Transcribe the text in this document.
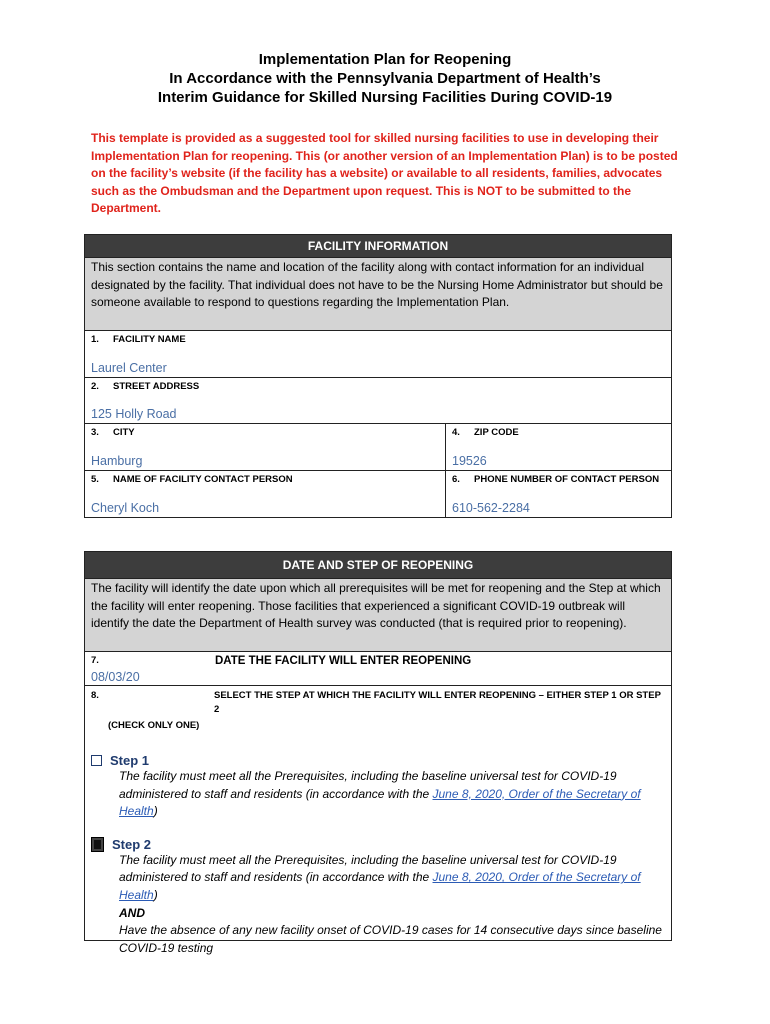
Implementation Plan for Reopening
In Accordance with the Pennsylvania Department of Health’s
Interim Guidance for Skilled Nursing Facilities During COVID-19
This template is provided as a suggested tool for skilled nursing facilities to use in developing their Implementation Plan for reopening. This (or another version of an Implementation Plan) is to be posted on the facility’s website (if the facility has a website) or available to all residents, families, advocates such as the Ombudsman and the Department upon request. This is NOT to be submitted to the Department.
FACILITY INFORMATION
This section contains the name and location of the facility along with contact information for an individual designated by the facility. That individual does not have to be the Nursing Home Administrator but should be someone available to respond to questions regarding the Implementation Plan.
1.	FACILITY NAME
Laurel Center
2.	STREET ADDRESS
125 Holly Road
3.	CITY
Hamburg
4.	ZIP CODE
19526
5.	NAME OF FACILITY CONTACT PERSON
Cheryl Koch
6.	PHONE NUMBER OF CONTACT PERSON
610-562-2284
DATE AND STEP OF REOPENING
The facility will identify the date upon which all prerequisites will be met for reopening and the Step at which the facility will enter reopening. Those facilities that experienced a significant COVID-19 outbreak will identify the date the Department of Health survey was conducted (that is required prior to reopening).
7.	DATE THE FACILITY WILL ENTER REOPENING
08/03/20
8.	SELECT THE STEP AT WHICH THE FACILITY WILL ENTER REOPENING – EITHER STEP 1 OR STEP 2
(CHECK ONLY ONE)
Step 1
The facility must meet all the Prerequisites, including the baseline universal test for COVID-19 administered to staff and residents (in accordance with the June 8, 2020, Order of the Secretary of Health)
Step 2
The facility must meet all the Prerequisites, including the baseline universal test for COVID-19 administered to staff and residents (in accordance with the June 8, 2020, Order of the Secretary of Health)
AND
Have the absence of any new facility onset of COVID-19 cases for 14 consecutive days since baseline COVID-19 testing
